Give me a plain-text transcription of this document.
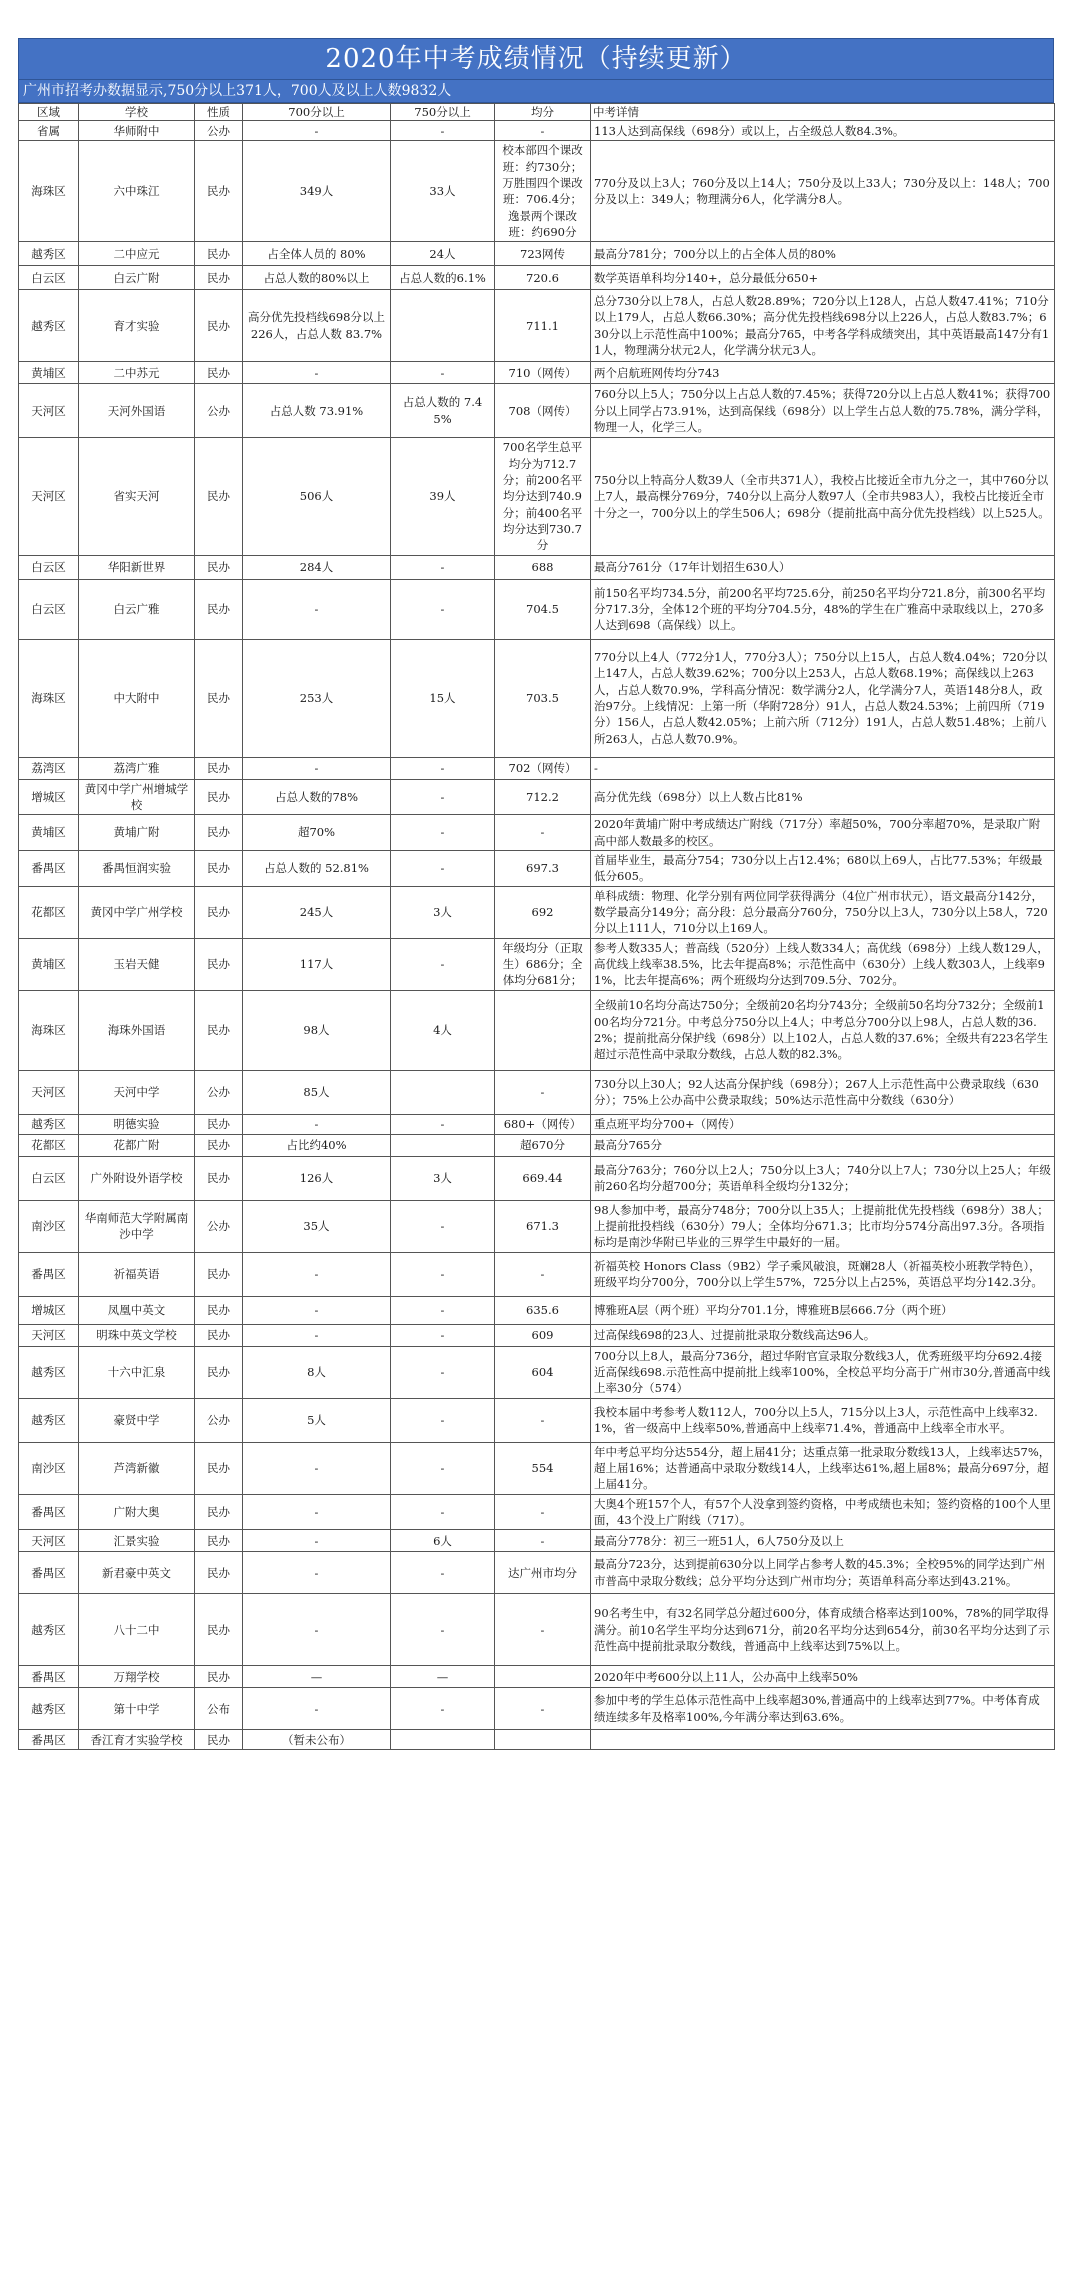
2020年中考成绩情况（持续更新）
广州市招考办数据显示,750分以上371人，700人及以上人数9832人
区域	学校	性质	700分以上	750分以上	均分	中考详情
省属	华师附中	公办	-	-	-	113人达到高保线（698分）或以上，占全级总人数84.3%。
海珠区	六中珠江	民办	349人	33人	校本部四个课改班：约730分；万胜围四个课改班：706.4分；逸景两个课改班：约690分	770分及以上3人；760分及以上14人；750分及以上33人；730分及以上：148人；700分及以上：349人；物理满分6人，化学满分8人。
越秀区	二中应元	民办	占全体人员的 80%	24人	723网传	最高分781分；700分以上的占全体人员的80%
白云区	白云广附	民办	占总人数的80%以上	占总人数的6.1%	720.6	数学英语单科均分140+，总分最低分650+
越秀区	育才实验	民办	高分优先投档线698分以上226人，占总人数 83.7%		711.1	总分730分以上78人，占总人数28.89%；720分以上128人，占总人数47.41%；710分以上179人，占总人数66.30%；高分优先投档线698分以上226人，占总人数83.7%；630分以上示范性高中100%；最高分765，中考各学科成绩突出，其中英语最高147分有11人，物理满分状元2人，化学满分状元3人。
黄埔区	二中苏元	民办	-	-	710（网传）	两个启航班网传均分743
天河区	天河外国语	公办	占总人数 73.91%	占总人数的 7.45%	708（网传）	760分以上5人；750分以上占总人数的7.45%；获得720分以上占总人数41%；获得700分以上同学占73.91%，达到高保线（698分）以上学生占总人数的75.78%，满分学科，物理一人，化学三人。
天河区	省实天河	民办	506人	39人	700名学生总平均分为712.7分；前200名平均分达到740.9分；前400名平均分达到730.7分	750分以上特高分人数39人（全市共371人），我校占比接近全市九分之一，其中760分以上7人，最高棵分769分，740分以上高分人数97人（全市共983人），我校占比接近全市十分之一，700分以上的学生506人；698分（提前批高中高分优先投档线）以上525人。
白云区	华阳新世界	民办	284人	-	688	最高分761分（17年计划招生630人）
白云区	白云广雅	民办	-	-	704.5	前150名平均734.5分，前200名平均725.6分，前250名平均分721.8分，前300名平均分717.3分，全体12个班的平均分704.5分，48%的学生在广雅高中录取线以上，270多人达到698（高保线）以上。
海珠区	中大附中	民办	253人	15人	703.5	770分以上4人（772分1人，770分3人）；750分以上15人，占总人数4.04%；720分以上147人，占总人数39.62%；700分以上253人，占总人数68.19%；高保线以上263人，占总人数70.9%，学科高分情况：数学满分2人，化学满分7人，英语148分8人，政治97分。上线情况：上第一所（华附728分）91人，占总人数24.53%；上前四所（719分）156人，占总人数42.05%；上前六所（712分）191人，占总人数51.48%；上前八所263人，占总人数70.9%。
荔湾区	荔湾广雅	民办	-	-	702（网传）	-
增城区	黄冈中学广州增城学校	民办	占总人数的78%	-	712.2	高分优先线（698分）以上人数占比81%
黄埔区	黄埔广附	民办	超70%	-	-	2020年黄埔广附中考成绩达广附线（717分）率超50%，700分率超70%，是录取广附高中部人数最多的校区。
番禺区	番禺恒润实验	民办	占总人数的 52.81%	-	697.3	首届毕业生，最高分754；730分以上占12.4%；680以上69人，占比77.53%；年级最低分605。
花都区	黄冈中学广州学校	民办	245人	3人	692	单科成绩：物理、化学分别有两位同学获得满分（4位广州市状元），语文最高分142分，数学最高分149分；高分段：总分最高分760分，750分以上3人，730分以上58人，720分以上111人，710分以上169人。
黄埔区	玉岩天健	民办	117人	-	年级均分（正取生）686分；全体均分681分；	参考人数335人；普高线（520分）上线人数334人；高优线（698分）上线人数129人，高优线上线率38.5%，比去年提高8%；示范性高中（630分）上线人数303人，上线率91%，比去年提高6%；两个班级均分达到709.5分、702分。
海珠区	海珠外国语	民办	98人	4人		全级前10名均分高达750分；全级前20名均分743分；全级前50名均分732分；全级前100名均分721分。中考总分750分以上4人；中考总分700分以上98人，占总人数的36.2%；提前批高分保护线（698分）以上102人，占总人数的37.6%；全级共有223名学生超过示范性高中录取分数线，占总人数的82.3%。
天河区	天河中学	公办	85人		-	730分以上30人；92人达高分保护线（698分）；267人上示范性高中公费录取线（630分）；75%上公办高中公费录取线；50%达示范性高中分数线（630分）
越秀区	明德实验	民办	-	-	680+（网传）	重点班平均分700+（网传）
花都区	花都广附	民办	占比约40%		超670分	最高分765分
白云区	广外附设外语学校	民办	126人	3人	669.44	最高分763分；760分以上2人；750分以上3人；740分以上7人；730分以上25人；年级前260名均分超700分；英语单科全级均分132分；
南沙区	华南师范大学附属南沙中学	公办	35人	-	671.3	98人参加中考，最高分748分；700分以上35人；上提前批优先投档线（698分）38人；上提前批投档线（630分）79人；全体均分671.3；比市均分574分高出97.3分。各项指标均是南沙华附已毕业的三界学生中最好的一届。
番禺区	祈福英语	民办	-	-	-	祈福英校 Honors Class（9B2）学子乘风破浪，斑斓28人（祈福英校小班教学特色），班级平均分700分，700分以上学生57%，725分以上占25%，英语总平均分142.3分。
增城区	凤凰中英文	民办	-	-	635.6	博雅班A层（两个班）平均分701.1分，博雅班B层666.7分（两个班）
天河区	明珠中英文学校	民办	-	-	609	过高保线698的23人、过提前批录取分数线高达96人。
越秀区	十六中汇泉	民办	8人	-	604	700分以上8人，最高分736分，超过华附官宣录取分数线3人，优秀班级平均分692.4接近高保线698.示范性高中提前批上线率100%，全校总平均分高于广州市30分,普通高中线上率30分（574）
越秀区	豪贤中学	公办	5人	-	-	我校本届中考参考人数112人，700分以上5人，715分以上3人，示范性高中上线率32.1%，省一级高中上线率50%,普通高中上线率71.4%，普通高中上线率全市水平。
南沙区	芦湾新徽	民办	-	-	554	年中考总平均分达554分，超上届41分；达重点第一批录取分数线13人，上线率达57%，超上届16%；达普通高中录取分数线14人，上线率达61%,超上届8%；最高分697分，超上届41分。
番禺区	广附大奥	民办	-	-	-	大奥4个班157个人，有57个人没拿到签约资格，中考成绩也未知；签约资格的100个人里面，43个没上广附线（717）。
天河区	汇景实验	民办	-	6人	-	最高分778分：初三一班51人，6人750分及以上
番禺区	新君豪中英文	民办	-	-	达广州市均分	最高分723分，达到提前630分以上同学占参考人数的45.3%；全校95%的同学达到广州市普高中录取分数线；总分平均分达到广州市均分；英语单科高分率达到43.21%。
越秀区	八十二中	民办	-	-	-	90名考生中，有32名同学总分超过600分，体育成绩合格率达到100%，78%的同学取得满分。前10名学生平均分达到671分，前20名平均分达到654分，前30名平均分达到了示范性高中提前批录取分数线，普通高中上线率达到75%以上。
番禺区	万翔学校	民办	—	—		2020年中考600分以上11人，公办高中上线率50%
越秀区	第十中学	公布	-	-	-	参加中考的学生总体示范性高中上线率超30%,普通高中的上线率达到77%。中考体育成绩连续多年及格率100%,今年满分率达到63.6%。
番禺区	香江育才实验学校	民办	（暂未公布）			
